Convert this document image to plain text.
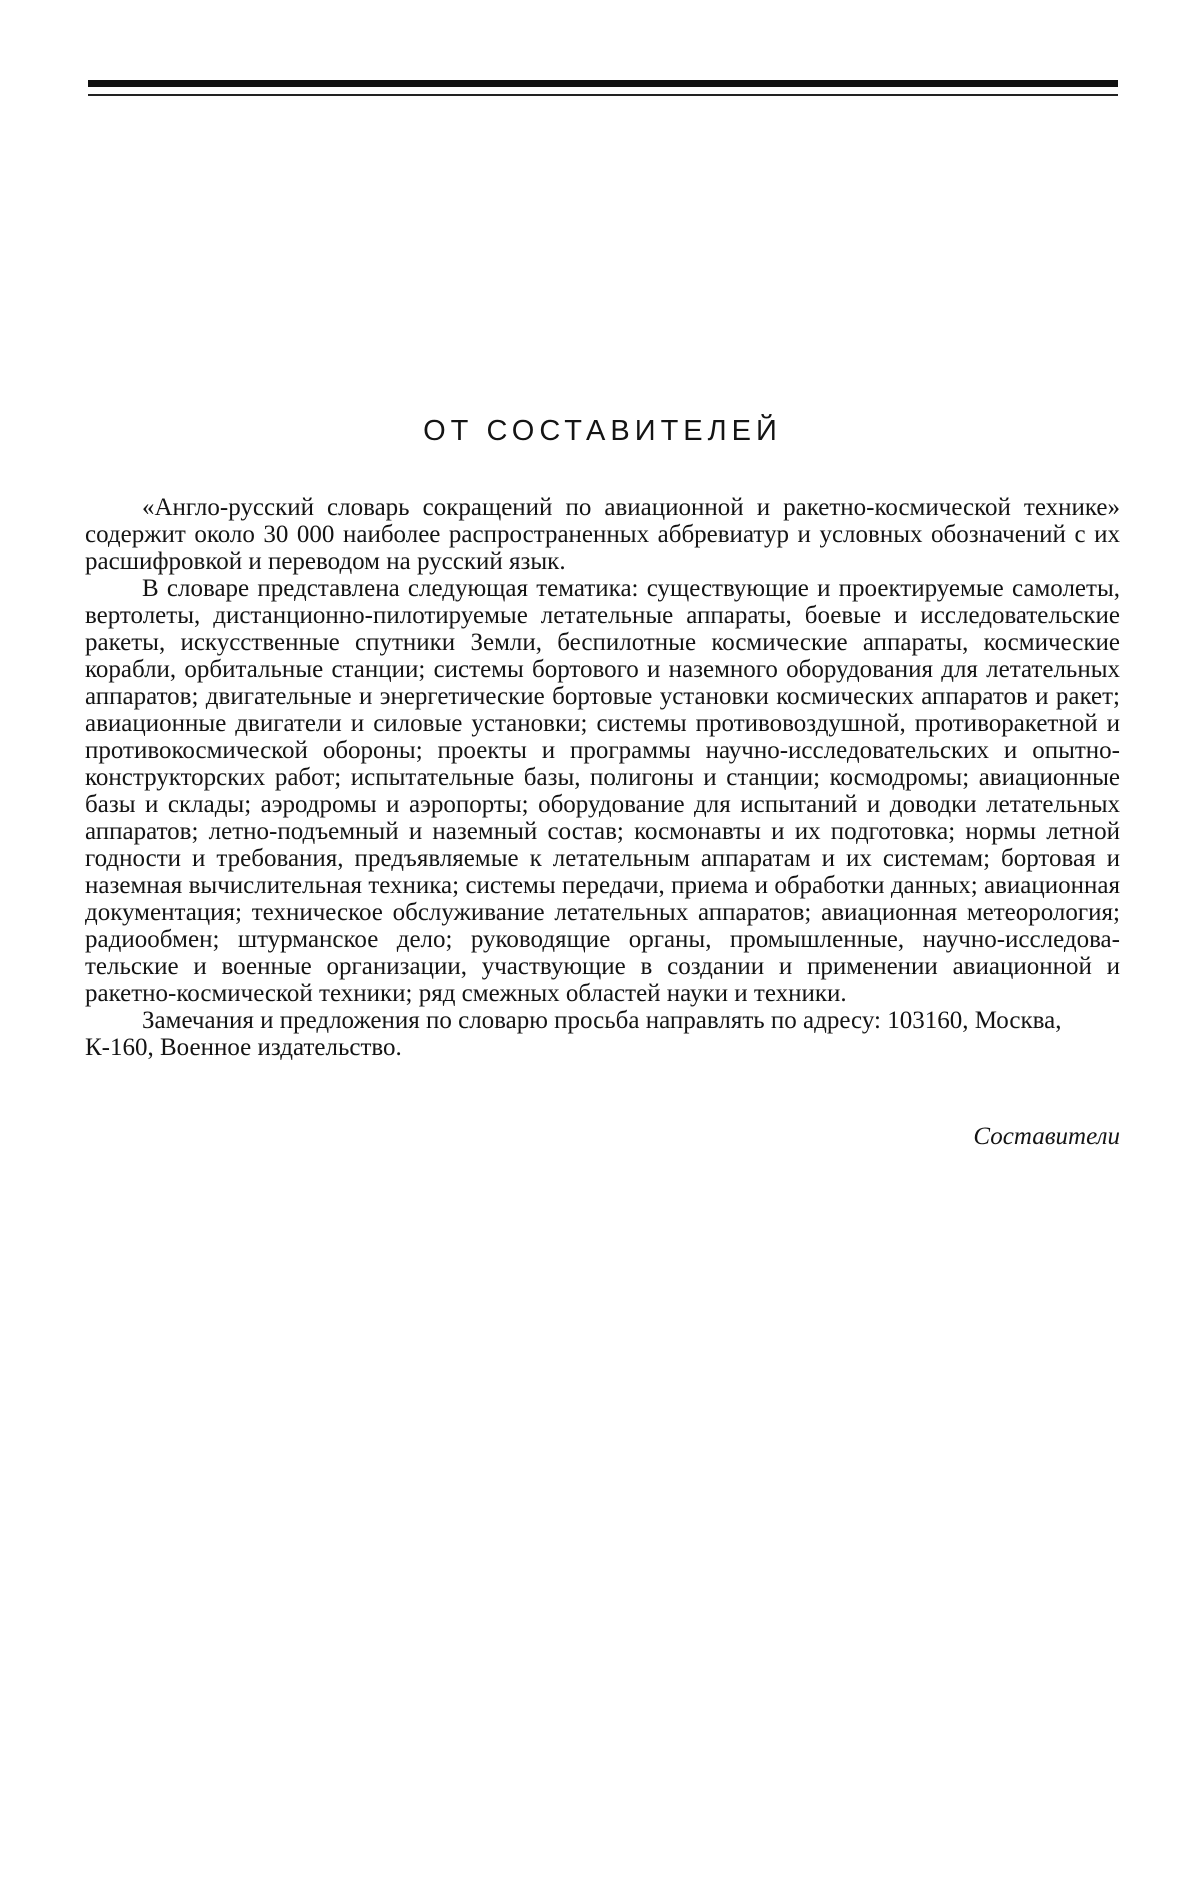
ОТ СОСТАВИТЕЛЕЙ

«Англо-русский словарь сокращений по авиационной и ракетно-космической технике» содержит около 30 000 наиболее распространенных аббревиатур и условных обозначений с их расшифровкой и переводом на русский язык.

В словаре представлена следующая тематика: существующие и проектируемые самолеты, вертолеты, дистанционно-пилотируемые летательные аппараты, боевые и исследовательские ракеты, искусственные спутники Земли, беспилотные космические аппараты, космические корабли, орбитальные станции; системы бортового и наземного оборудования для летательных аппаратов; двигательные и энергетические бортовые установки космических аппаратов и ракет; авиационные двигатели и силовые установки; системы противовоздушной, противоракетной и противокосмической обороны; проекты и программы научно-исследовательских и опытно-конструкторских работ; испытательные базы, полигоны и станции; космодромы; авиационные базы и склады; аэродромы и аэропорты; оборудование для испытаний и доводки летательных аппаратов; летно-подъемный и наземный состав; космонавты и их подготовка; нормы летной годности и требования, предъявляемые к летательным аппаратам и их системам; бортовая и наземная вычислительная техника; системы передачи, приема и обработки данных; авиационная документация; техническое обслуживание летательных аппаратов; авиационная метеорология; радиообмен; штурманское дело; руководящие органы, промышленные, научно-исследовательские и военные организации, участвующие в создании и применении авиационной и ракетно-космической техники; ряд смежных областей науки и техники.

Замечания и предложения по словарю просьба направлять по адресу: 103160, Москва, К-160, Военное издательство.

Составители
